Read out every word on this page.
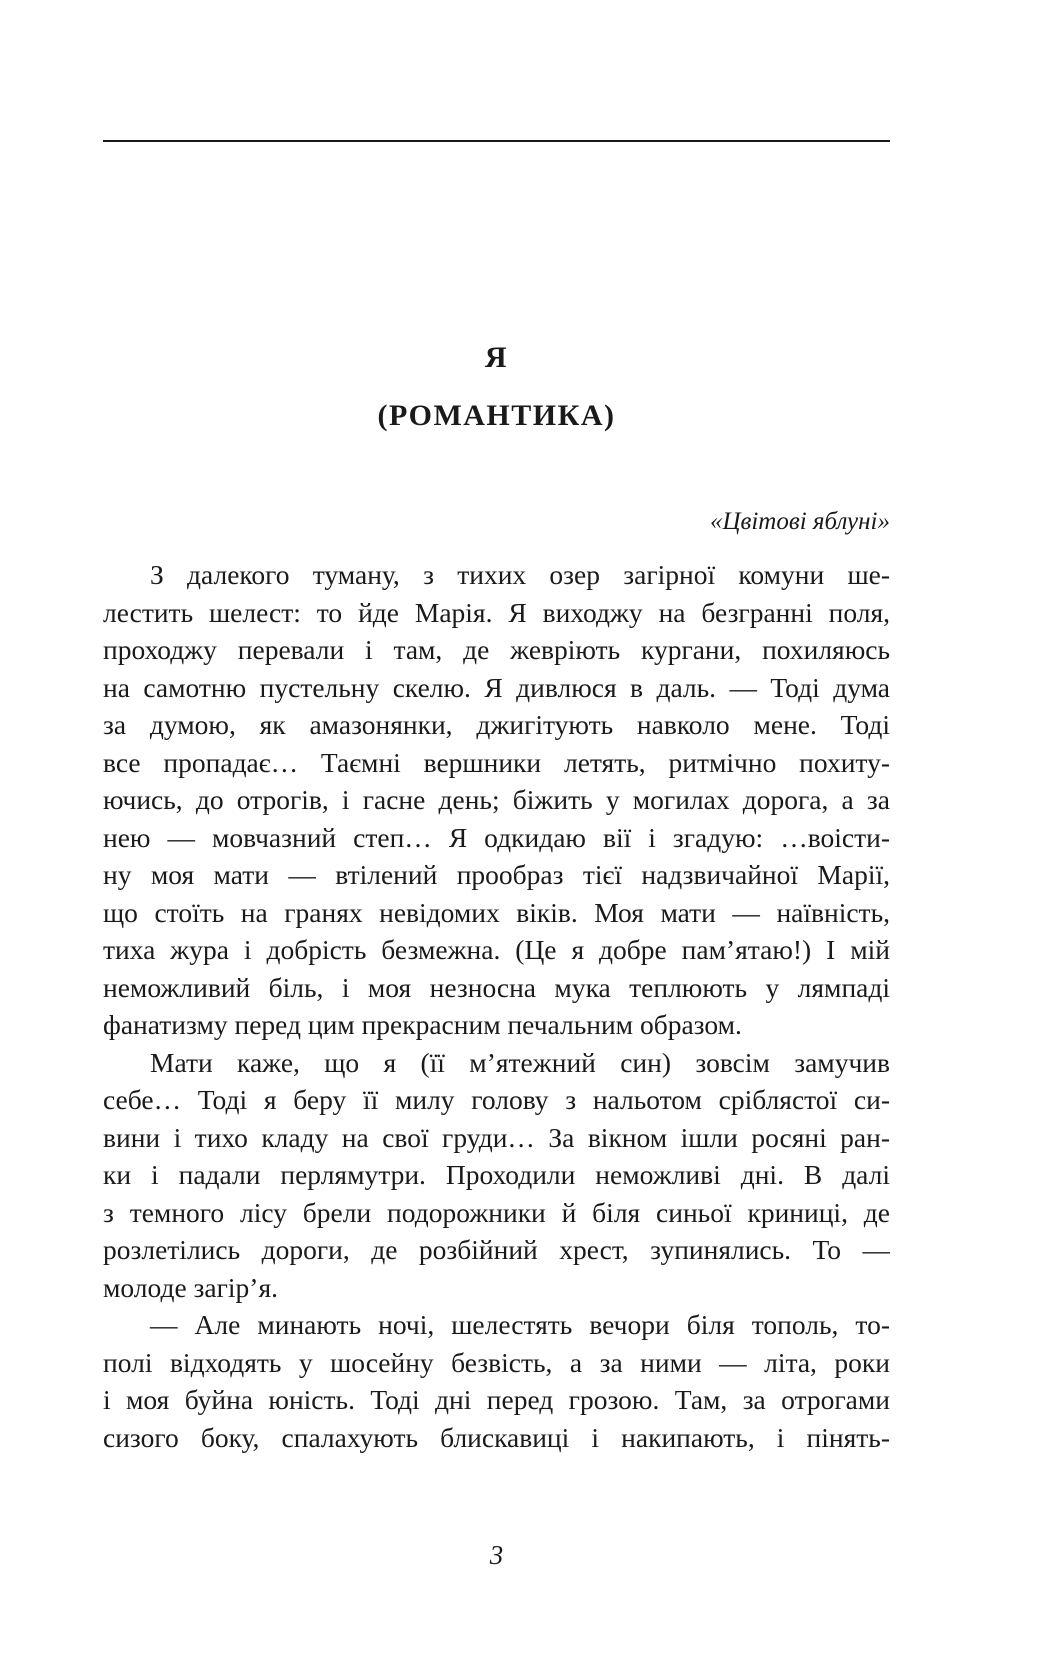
Я
(РОМАНТИКА)
«Цвітові яблуні»
З далекого туману, з тихих озер загірної комуни ше-
лестить шелест: то йде Марія. Я виходжу на безгранні поля,
проходжу перевали і там, де жеврiють кургани, похиляюсь
на самотню пустельну скелю. Я дивлюся в даль. — Тоді дума
за думою, як амазонянки, джигітують навколо мене. Тоді
все пропадає… Таємні вершники летять, ритмічно похиту-
ючись, до отрогів, і гасне день; біжить у могилах дорога, а за
нею — мовчазний степ… Я одкидаю вії і згадую: …воісти-
ну моя мати — втілений прообраз тієї надзвичайної Марії,
що стоїть на гранях невідомих віків. Моя мати — наївність,
тиха жура і добрість безмежна. (Це я добре пам’ятаю!) І мій
неможливий біль, і моя незносна мука теплюють у лямпаді
фанатизму перед цим прекрасним печальним образом.
Мати каже, що я (її м’ятежний син) зовсім замучив
себе… Тоді я беру її милу голову з нальотом сріблястої си-
вини і тихо кладу на свої груди… За вікном ішли росяні ран-
ки і падали перлямутри. Проходили неможливі дні. В далі
з темного лісу брели подорожники й біля синьої криниці, де
розлетілись дороги, де розбійний хрест, зупинялись. То —
молоде загір’я.
— Але минають ночі, шелестять вечори біля тополь, то-
полі відходять у шосейну безвість, а за ними — літа, роки
і моя буйна юність. Тоді дні перед грозою. Там, за отрогами
сизого боку, спалахують блискавиці і накипають, і пінять-
3
